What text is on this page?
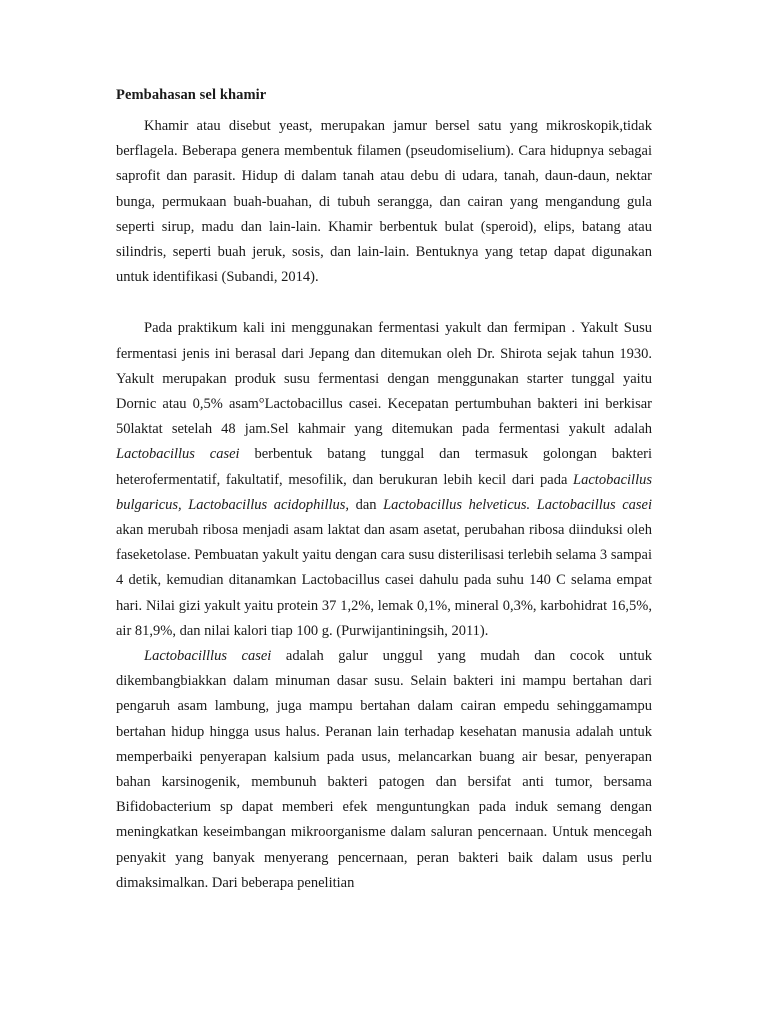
Pembahasan sel khamir

Khamir atau disebut yeast, merupakan jamur bersel satu yang mikroskopik,tidak berflagela. Beberapa genera membentuk filamen (pseudomiselium). Cara hidupnya sebagai saprofit dan parasit. Hidup di dalam tanah atau debu di udara, tanah, daun-daun, nektar bunga, permukaan buah-buahan, di tubuh serangga, dan cairan yang mengandung gula seperti sirup, madu dan lain-lain. Khamir berbentuk bulat (speroid), elips, batang atau silindris, seperti buah jeruk, sosis, dan lain-lain. Bentuknya yang tetap dapat digunakan untuk identifikasi (Subandi, 2014).

Pada praktikum kali ini menggunakan fermentasi yakult dan fermipan . Yakult Susu fermentasi jenis ini berasal dari Jepang dan ditemukan oleh Dr. Shirota sejak tahun 1930. Yakult merupakan produk susu fermentasi dengan menggunakan starter tunggal yaitu Dornic atau 0,5% asam°Lactobacillus casei. Kecepatan pertumbuhan bakteri ini berkisar 50laktat setelah 48 jam.Sel kahmair yang ditemukan pada fermentasi yakult adalah Lactobacillus casei berbentuk batang tunggal dan termasuk golongan bakteri heterofermentatif, fakultatif, mesofilik, dan berukuran lebih kecil dari pada Lactobacillus bulgaricus, Lactobacillus acidophillus, dan Lactobacillus helveticus. Lactobacillus casei akan merubah ribosa menjadi asam laktat dan asam asetat, perubahan ribosa diinduksi oleh faseketolase. Pembuatan yakult yaitu dengan cara susu disterilisasi terlebih selama 3 sampai 4 detik, kemudian ditanamkan Lactobacillus casei dahulu pada suhu 140 C selama empat hari. Nilai gizi yakult yaitu protein 37 1,2%, lemak 0,1%, mineral 0,3%, karbohidrat 16,5%, air 81,9%, dan nilai kalori tiap 100 g. (Purwijantiningsih, 2011).

Lactobacilllus casei adalah galur unggul yang mudah dan cocok untuk dikembangbiakkan dalam minuman dasar susu. Selain bakteri ini mampu bertahan dari pengaruh asam lambung, juga mampu bertahan dalam cairan empedu sehinggamampu bertahan hidup hingga usus halus. Peranan lain terhadap kesehatan manusia adalah untuk memperbaiki penyerapan kalsium pada usus, melancarkan buang air besar, penyerapan bahan karsinogenik, membunuh bakteri patogen dan bersifat anti tumor, bersama Bifidobacterium sp dapat memberi efek menguntungkan pada induk semang dengan meningkatkan keseimbangan mikroorganisme dalam saluran pencernaan. Untuk mencegah penyakit yang banyak menyerang pencernaan, peran bakteri baik dalam usus perlu dimaksimalkan. Dari beberapa penelitian
